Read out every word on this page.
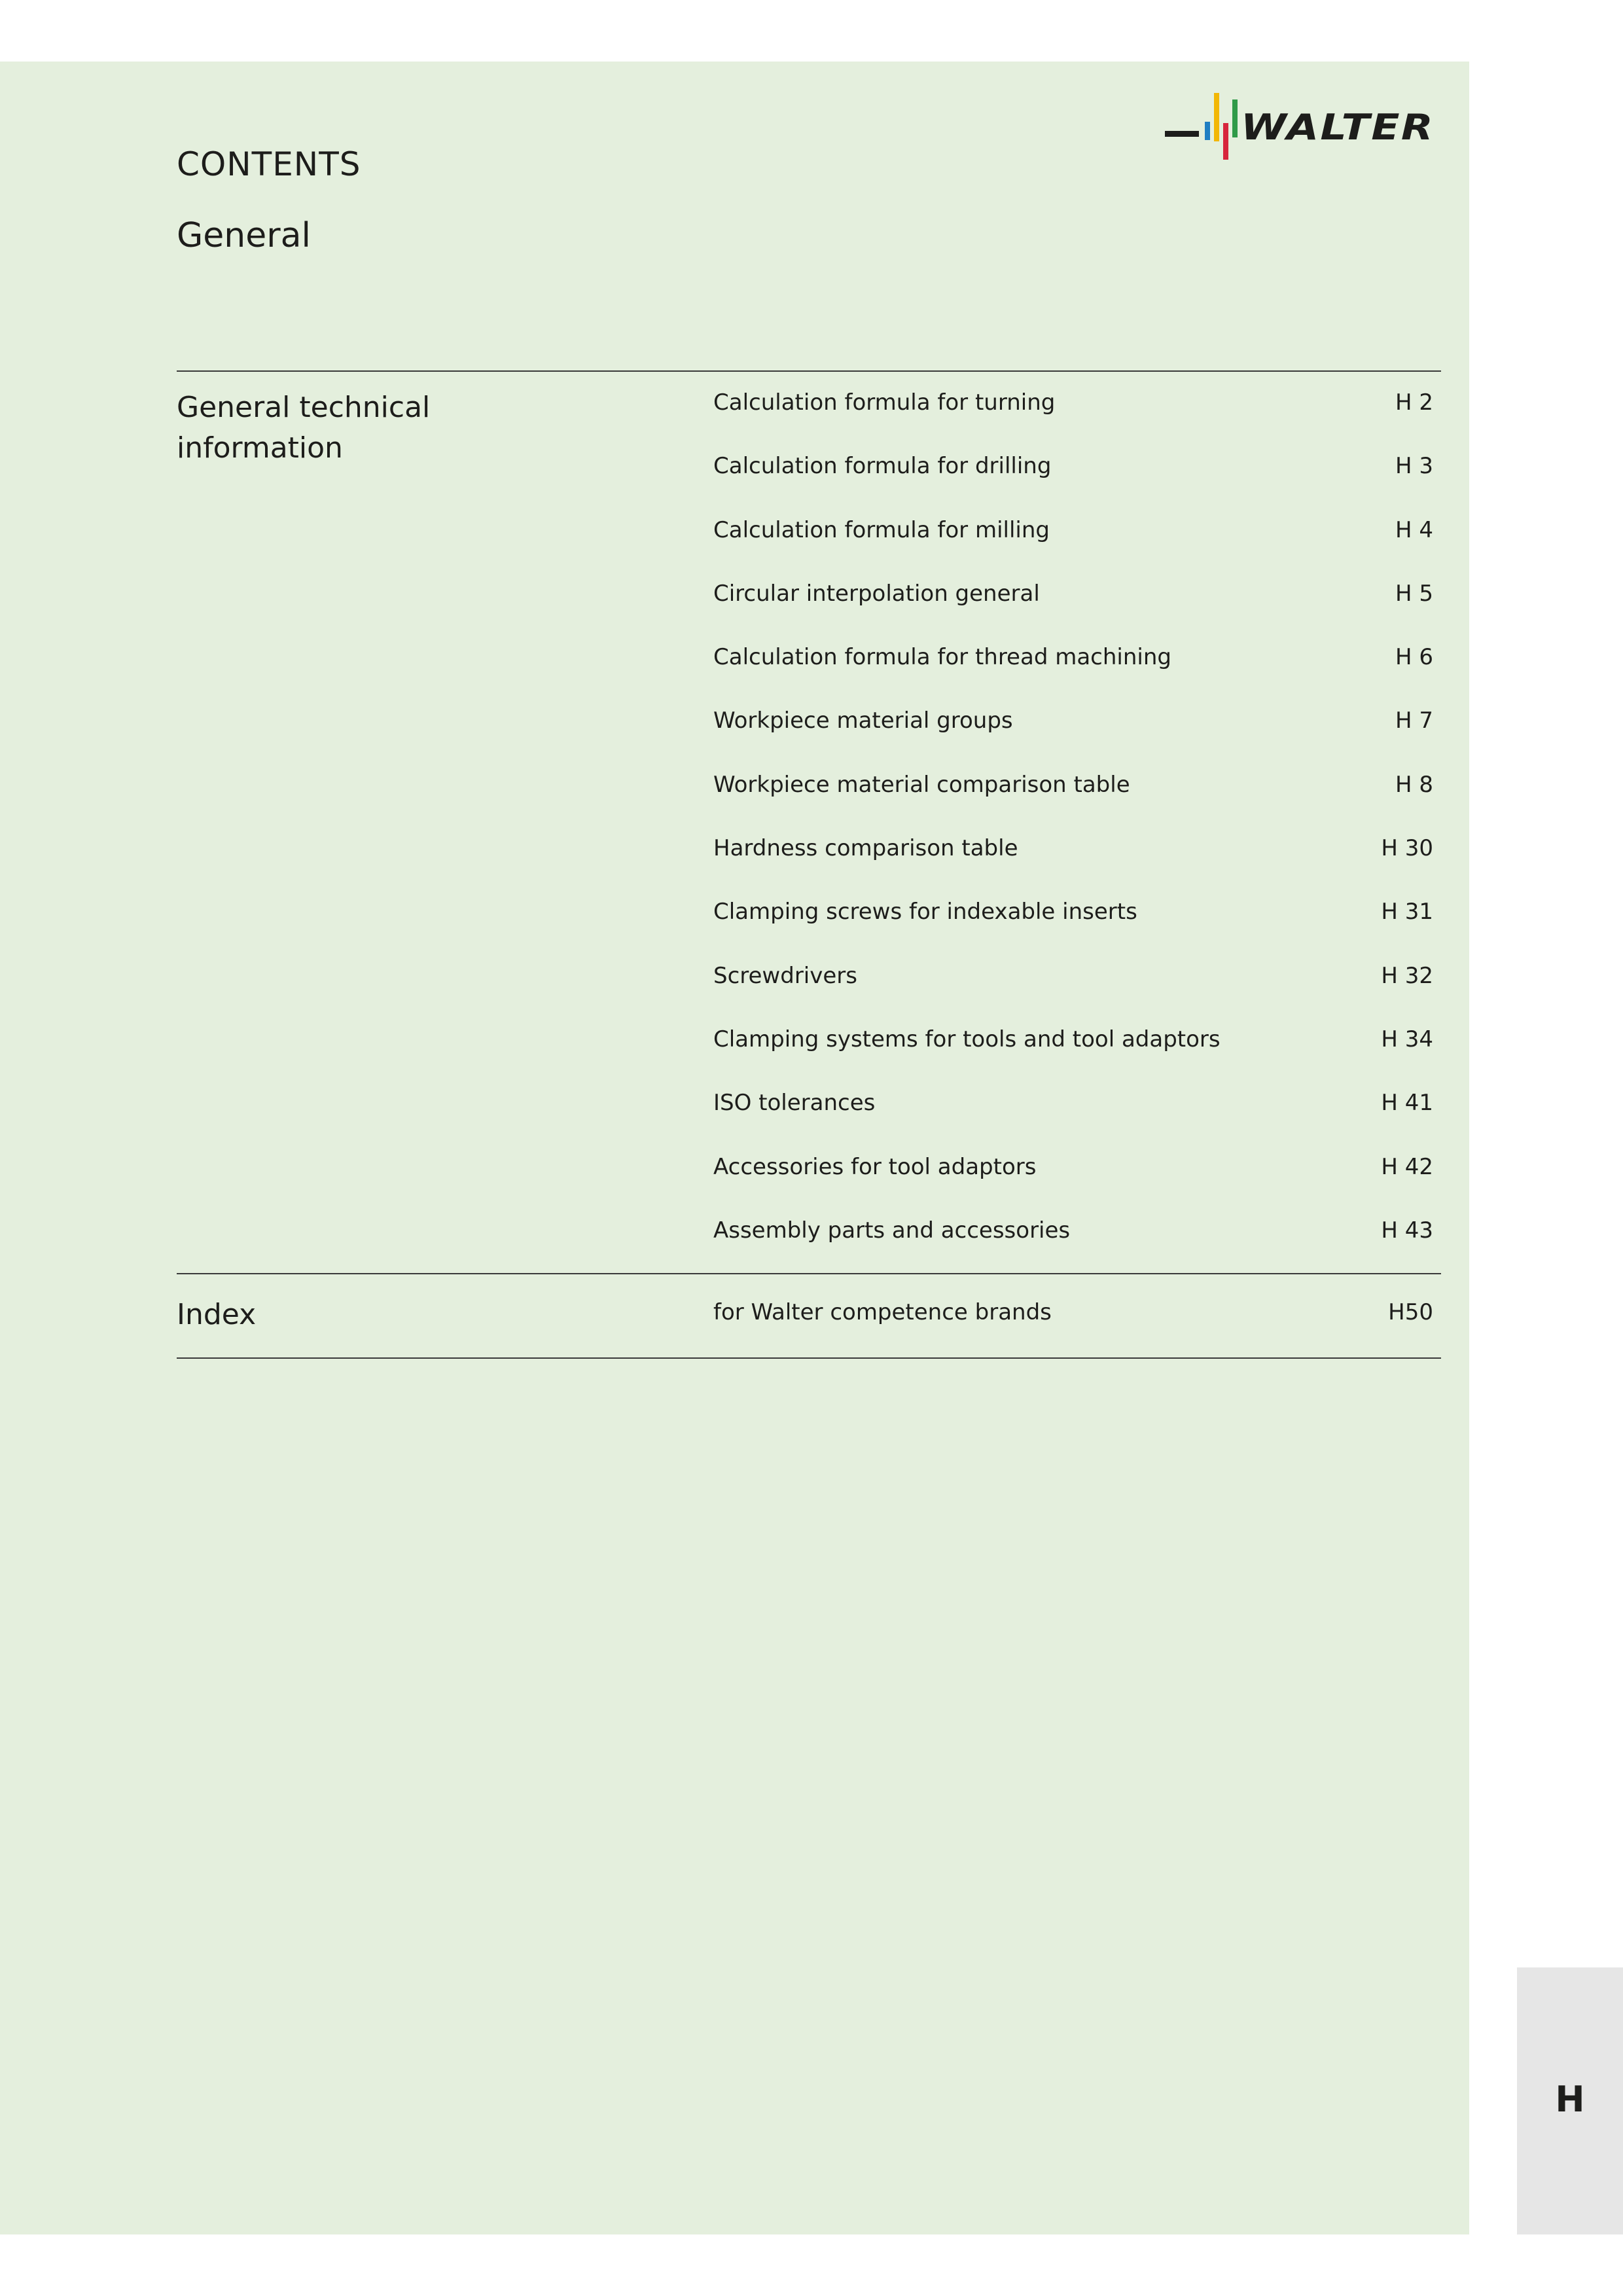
WALTER
CONTENTS
General
General technical information
Calculation formula for turning	H 2
Calculation formula for drilling	H 3
Calculation formula for milling	H 4
Circular interpolation general	H 5
Calculation formula for thread machining	H 6
Workpiece material groups	H 7
Workpiece material comparison table	H 8
Hardness comparison table	H 30
Clamping screws for indexable inserts	H 31
Screwdrivers	H 32
Clamping systems for tools and tool adaptors	H 34
ISO tolerances	H 41
Accessories for tool adaptors	H 42
Assembly parts and accessories	H 43
Index	for Walter competence brands	H50
H
